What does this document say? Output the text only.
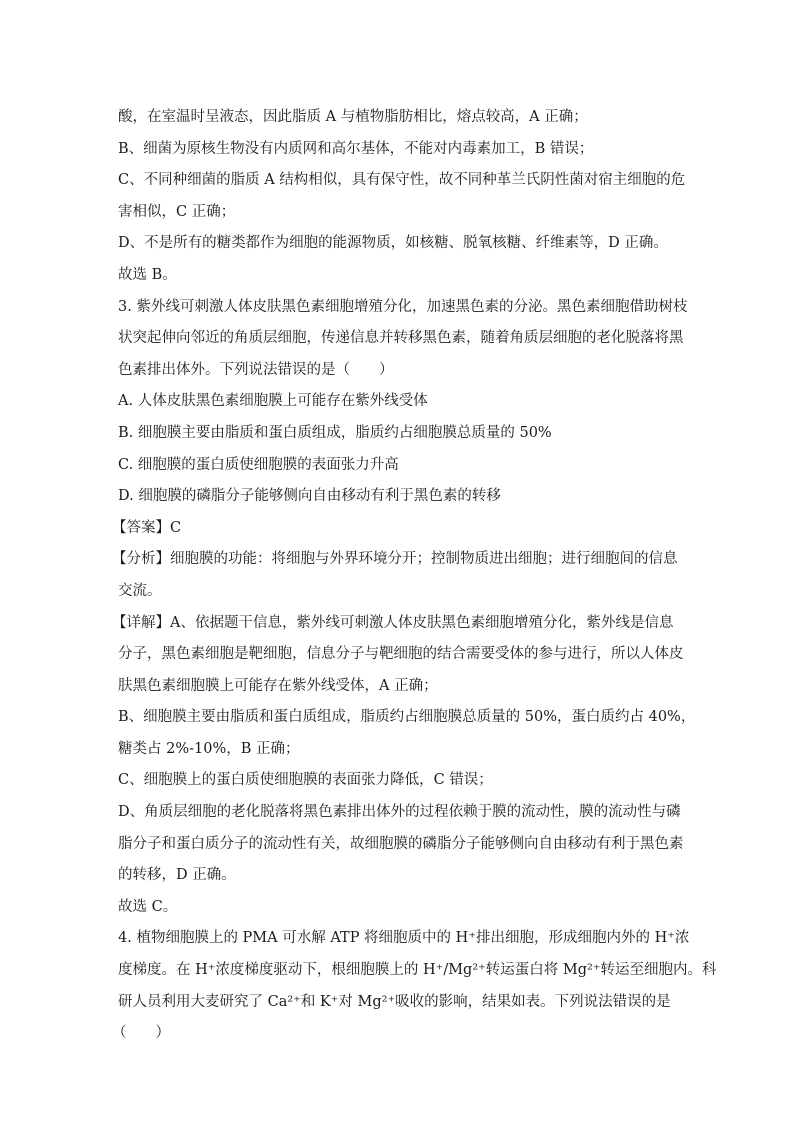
酸，在室温时呈液态，因此脂质 A 与植物脂肪相比，熔点较高，A 正确；
B、细菌为原核生物没有内质网和高尔基体，不能对内毒素加工，B 错误；
C、不同种细菌的脂质 A 结构相似，具有保守性，故不同种革兰氏阴性菌对宿主细胞的危
害相似，C 正确；
D、不是所有的糖类都作为细胞的能源物质，如核糖、脱氧核糖、纤维素等，D 正确。
故选 B。
3. 紫外线可刺激人体皮肤黑色素细胞增殖分化，加速黑色素的分泌。黑色素细胞借助树枝
状突起伸向邻近的角质层细胞，传递信息并转移黑色素，随着角质层细胞的老化脱落将黑
色素排出体外。下列说法错误的是（　　）
A. 人体皮肤黑色素细胞膜上可能存在紫外线受体
B. 细胞膜主要由脂质和蛋白质组成，脂质约占细胞膜总质量的 50%
C. 细胞膜的蛋白质使细胞膜的表面张力升高
D. 细胞膜的磷脂分子能够侧向自由移动有利于黑色素的转移
【答案】C
【分析】细胞膜的功能：将细胞与外界环境分开；控制物质进出细胞；进行细胞间的信息
交流。
【详解】A、依据题干信息，紫外线可刺激人体皮肤黑色素细胞增殖分化，紫外线是信息
分子，黑色素细胞是靶细胞，信息分子与靶细胞的结合需要受体的参与进行，所以人体皮
肤黑色素细胞膜上可能存在紫外线受体，A 正确；
B、细胞膜主要由脂质和蛋白质组成，脂质约占细胞膜总质量的 50%，蛋白质约占 40%，
糖类占 2%-10%，B 正确；
C、细胞膜上的蛋白质使细胞膜的表面张力降低，C 错误；
D、角质层细胞的老化脱落将黑色素排出体外的过程依赖于膜的流动性，膜的流动性与磷
脂分子和蛋白质分子的流动性有关，故细胞膜的磷脂分子能够侧向自由移动有利于黑色素
的转移，D 正确。
故选 C。
4. 植物细胞膜上的 PMA 可水解 ATP 将细胞质中的 H⁺排出细胞，形成细胞内外的 H⁺浓
度梯度。在 H⁺浓度梯度驱动下，根细胞膜上的 H⁺/Mg²⁺转运蛋白将 Mg²⁺转运至细胞内。科
研人员利用大麦研究了 Ca²⁺和 K⁺对 Mg²⁺吸收的影响，结果如表。下列说法错误的是
（　　）
